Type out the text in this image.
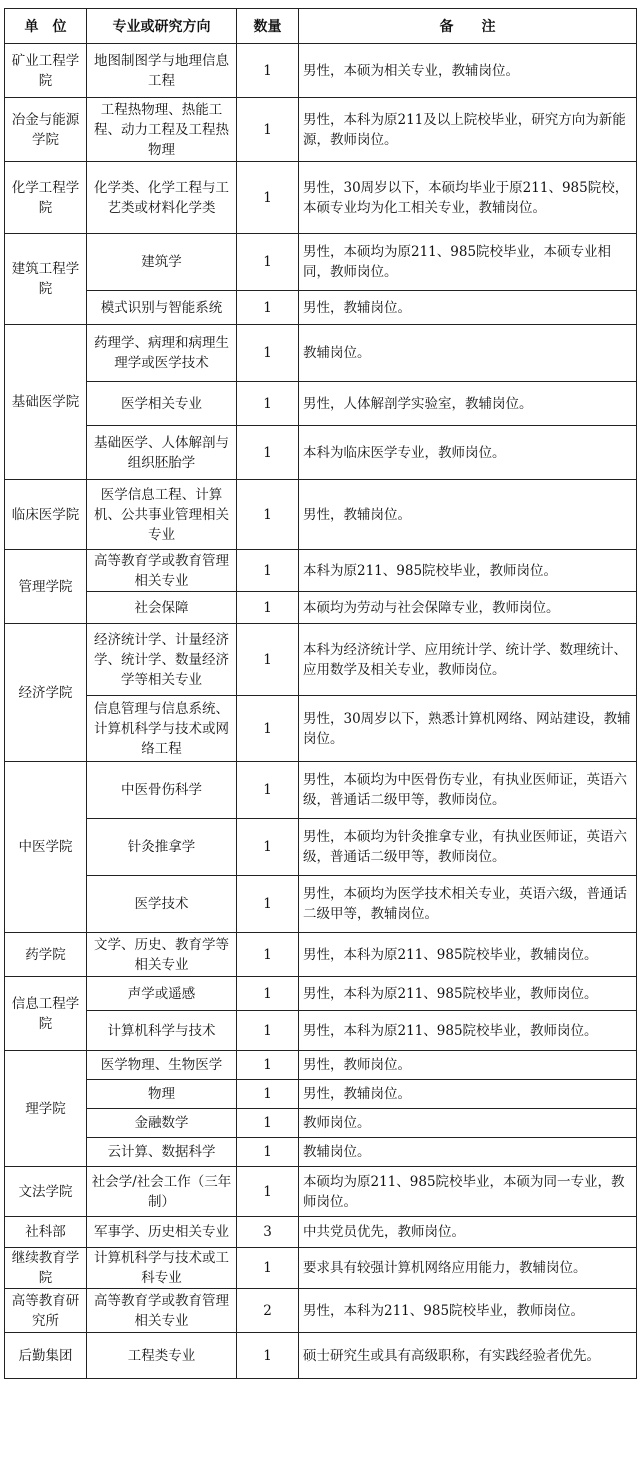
单　位	专业或研究方向	数量	备　　注
矿业工程学院	地图制图学与地理信息工程	1	男性，本硕为相关专业，教辅岗位。
冶金与能源学院	工程热物理、热能工程、动力工程及工程热物理	1	男性，本科为原211及以上院校毕业，研究方向为新能源，教师岗位。
化学工程学院	化学类、化学工程与工艺类或材料化学类	1	男性，30周岁以下，本硕均毕业于原211、985院校，本硕专业均为化工相关专业，教辅岗位。
建筑工程学院	建筑学	1	男性，本硕均为原211、985院校毕业，本硕专业相同，教师岗位。
	模式识别与智能系统	1	男性，教辅岗位。
基础医学院	药理学、病理和病理生理学或医学技术	1	教辅岗位。
	医学相关专业	1	男性，人体解剖学实验室，教辅岗位。
	基础医学、人体解剖与组织胚胎学	1	本科为临床医学专业，教师岗位。
临床医学院	医学信息工程、计算机、公共事业管理相关专业	1	男性，教辅岗位。
管理学院	高等教育学或教育管理相关专业	1	本科为原211、985院校毕业，教师岗位。
	社会保障	1	本硕均为劳动与社会保障专业，教师岗位。
经济学院	经济统计学、计量经济学、统计学、数量经济学等相关专业	1	本科为经济统计学、应用统计学、统计学、数理统计、应用数学及相关专业，教师岗位。
	信息管理与信息系统、计算机科学与技术或网络工程	1	男性，30周岁以下，熟悉计算机网络、网站建设，教辅岗位。
中医学院	中医骨伤科学	1	男性，本硕均为中医骨伤专业，有执业医师证，英语六级，普通话二级甲等，教师岗位。
	针灸推拿学	1	男性，本硕均为针灸推拿专业，有执业医师证，英语六级，普通话二级甲等，教师岗位。
	医学技术	1	男性，本硕均为医学技术相关专业，英语六级，普通话二级甲等，教辅岗位。
药学院	文学、历史、教育学等相关专业	1	男性，本科为原211、985院校毕业，教辅岗位。
信息工程学院	声学或遥感	1	男性，本科为原211、985院校毕业，教师岗位。
	计算机科学与技术	1	男性，本科为原211、985院校毕业，教师岗位。
理学院	医学物理、生物医学	1	男性，教师岗位。
	物理	1	男性，教辅岗位。
	金融数学	1	教师岗位。
	云计算、数据科学	1	教辅岗位。
文法学院	社会学/社会工作（三年制）	1	本硕均为原211、985院校毕业，本硕为同一专业，教师岗位。
社科部	军事学、历史相关专业	3	中共党员优先，教师岗位。
继续教育学院	计算机科学与技术或工科专业	1	要求具有较强计算机网络应用能力，教辅岗位。
高等教育研究所	高等教育学或教育管理相关专业	2	男性，本科为211、985院校毕业，教师岗位。
后勤集团	工程类专业	1	硕士研究生或具有高级职称，有实践经验者优先。
